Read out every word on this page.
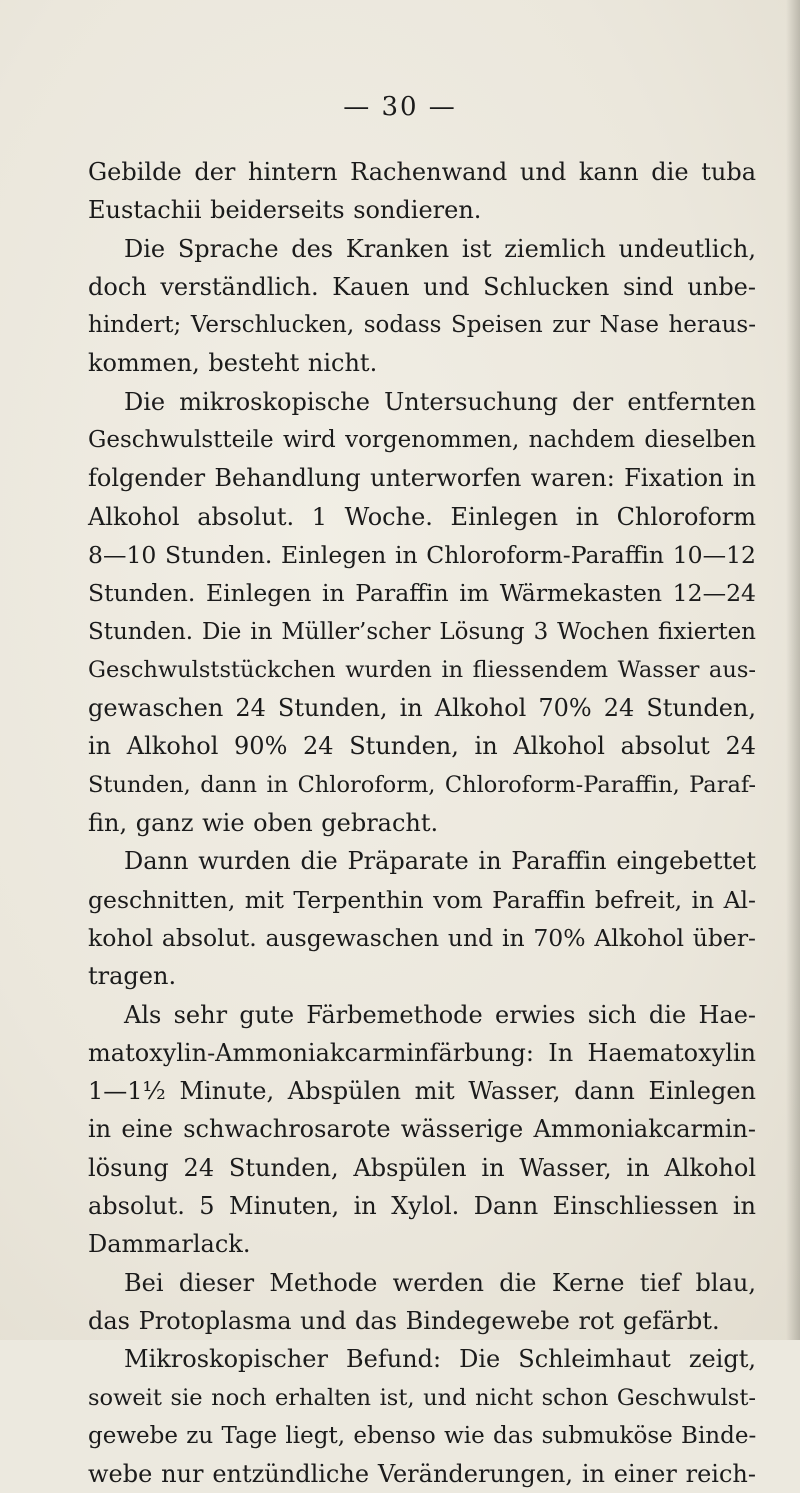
— 30 —
Gebilde der hintern Rachenwand und kann die tuba
Eustachii beiderseits sondieren.
Die Sprache des Kranken ist ziemlich undeutlich,
doch verständlich. Kauen und Schlucken sind unbe-
hindert; Verschlucken, sodass Speisen zur Nase heraus-
kommen, besteht nicht.
Die mikroskopische Untersuchung der entfernten
Geschwulstteile wird vorgenommen, nachdem dieselben
folgender Behandlung unterworfen waren: Fixation in
Alkohol absolut. 1 Woche. Einlegen in Chloroform
8—10 Stunden. Einlegen in Chloroform-Paraffin 10—12
Stunden. Einlegen in Paraffin im Wärmekasten 12—24
Stunden. Die in Müller’scher Lösung 3 Wochen fixierten
Geschwulststückchen wurden in fliessendem Wasser aus-
gewaschen 24 Stunden, in Alkohol 70% 24 Stunden,
in Alkohol 90% 24 Stunden, in Alkohol absolut 24
Stunden, dann in Chloroform, Chloroform-Paraffin, Paraf-
fin, ganz wie oben gebracht.
Dann wurden die Präparate in Paraffin eingebettet
geschnitten, mit Terpenthin vom Paraffin befreit, in Al-
kohol absolut. ausgewaschen und in 70% Alkohol über-
tragen.
Als sehr gute Färbemethode erwies sich die Hae-
matoxylin-Ammoniakcarminfärbung: In Haematoxylin
1—1½ Minute, Abspülen mit Wasser, dann Einlegen
in eine schwachrosarote wässerige Ammoniakcarmin-
lösung 24 Stunden, Abspülen in Wasser, in Alkohol
absolut. 5 Minuten, in Xylol. Dann Einschliessen in
Dammarlack.
Bei dieser Methode werden die Kerne tief blau,
das Protoplasma und das Bindegewebe rot gefärbt.
Mikroskopischer Befund: Die Schleimhaut zeigt,
soweit sie noch erhalten ist, und nicht schon Geschwulst-
gewebe zu Tage liegt, ebenso wie das submuköse Binde-
webe nur entzündliche Veränderungen, in einer reich-
